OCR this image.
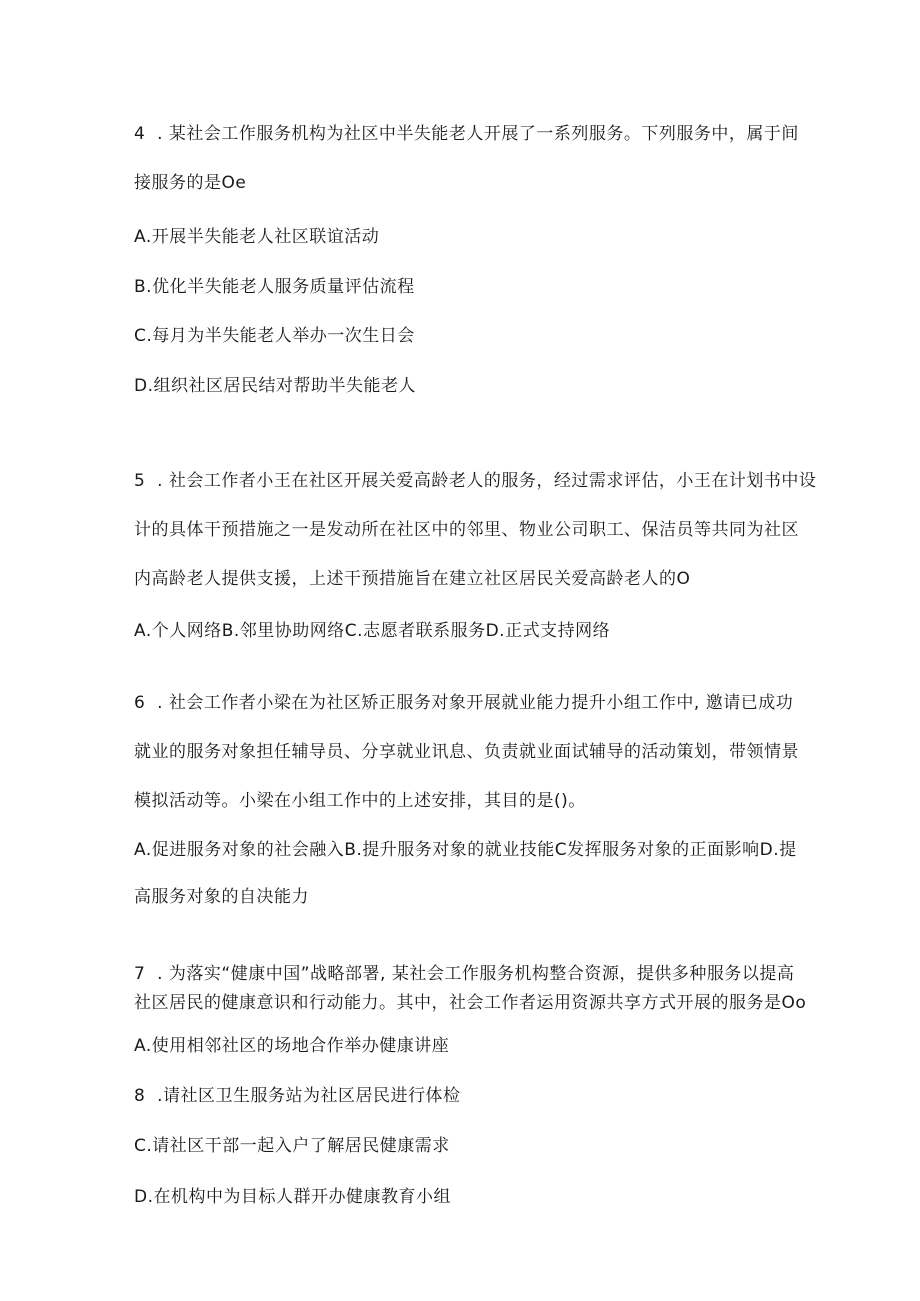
4  . 某社会工作服务机构为社区中半失能老人开展了一系列服务。下列服务中，属于间
接服务的是Oe
A.开展半失能老人社区联谊活动
B.优化半失能老人服务质量评估流程
C.每月为半失能老人举办一次生日会
D.组织社区居民结对帮助半失能老人
5  . 社会工作者小王在社区开展关爱高龄老人的服务，经过需求评估，小王在计划书中设
计的具体干预措施之一是发动所在社区中的邻里、物业公司职工、保洁员等共同为社区
内高龄老人提供支援，上述干预措施旨在建立社区居民关爱高龄老人的O
A.个人网络B.邻里协助网络C.志愿者联系服务D.正式支持网络
6  . 社会工作者小梁在为社区矫正服务对象开展就业能力提升小组工作中, 邀请已成功
就业的服务对象担任辅导员、分享就业讯息、负责就业面试辅导的活动策划，带领情景
模拟活动等。小梁在小组工作中的上述安排，其目的是()。
A.促进服务对象的社会融入B.提升服务对象的就业技能C发挥服务对象的正面影响D.提
高服务对象的自决能力
7  . 为落实“健康中国”战略部署, 某社会工作服务机构整合资源，提供多种服务以提高
社区居民的健康意识和行动能力。其中，社会工作者运用资源共享方式开展的服务是Oo
A.使用相邻社区的场地合作举办健康讲座
8  .请社区卫生服务站为社区居民进行体检
C.请社区干部一起入户了解居民健康需求
D.在机构中为目标人群开办健康教育小组
